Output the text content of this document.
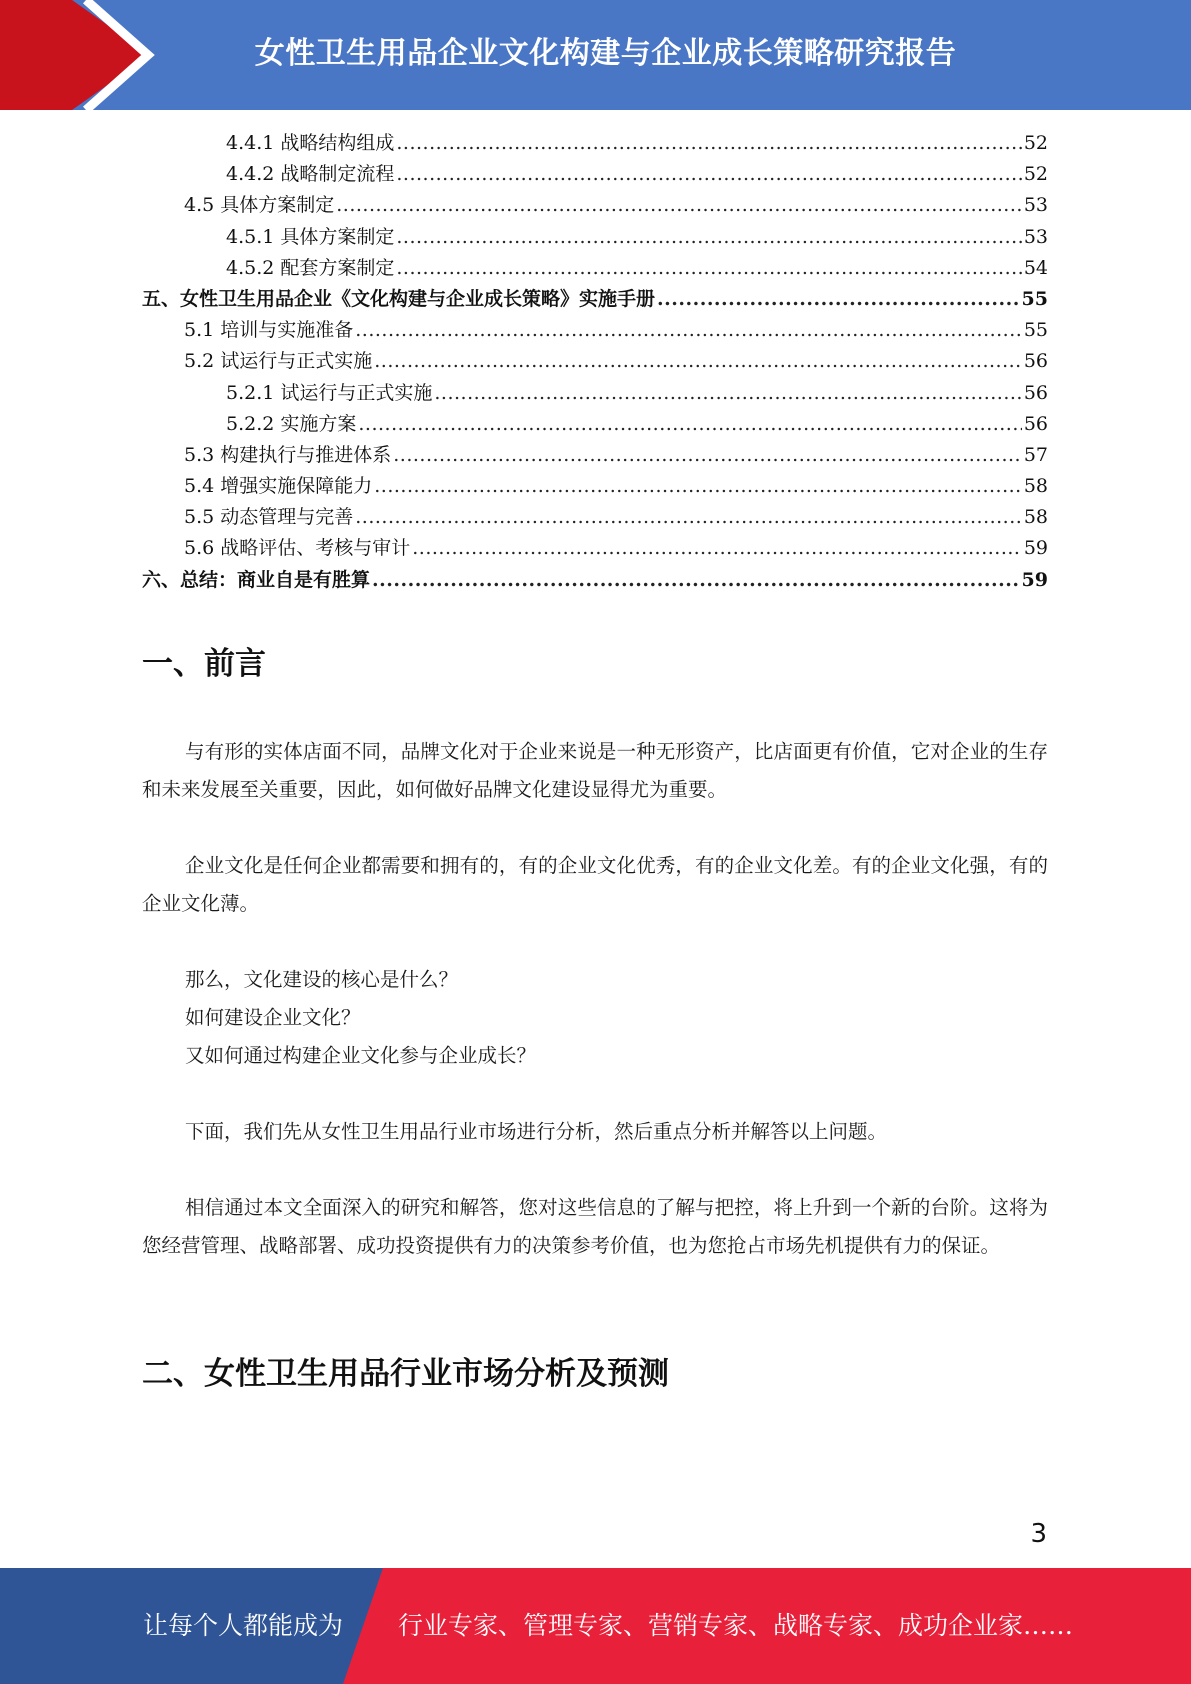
女性卫生用品企业文化构建与企业成长策略研究报告
4.4.1 战略结构组成 .....	52
4.4.2 战略制定流程 .....	52
4.5 具体方案制定 .....	53
4.5.1 具体方案制定 .....	53
4.5.2 配套方案制定 .....	54
五、女性卫生用品企业《文化构建与企业成长策略》实施手册 .....	55
5.1 培训与实施准备 .....	55
5.2 试运行与正式实施 .....	56
5.2.1 试运行与正式实施 .....	56
5.2.2 实施方案 .....	56
5.3 构建执行与推进体系 .....	57
5.4 增强实施保障能力 .....	58
5.5 动态管理与完善 .....	58
5.6 战略评估、考核与审计 .....	59
六、总结：商业自是有胜算 .....	59
一、前言
与有形的实体店面不同，品牌文化对于企业来说是一种无形资产，比店面更有价值，它对企业的生存和未来发展至关重要，因此，如何做好品牌文化建设显得尤为重要。
企业文化是任何企业都需要和拥有的，有的企业文化优秀，有的企业文化差。有的企业文化强，有的企业文化薄。
那么，文化建设的核心是什么？
如何建设企业文化？
又如何通过构建企业文化参与企业成长？
下面，我们先从女性卫生用品行业市场进行分析，然后重点分析并解答以上问题。
相信通过本文全面深入的研究和解答，您对这些信息的了解与把控，将上升到一个新的台阶。这将为您经营管理、战略部署、成功投资提供有力的决策参考价值，也为您抢占市场先机提供有力的保证。
二、女性卫生用品行业市场分析及预测
3
让每个人都能成为 行业专家、管理专家、营销专家、战略专家、成功企业家……
